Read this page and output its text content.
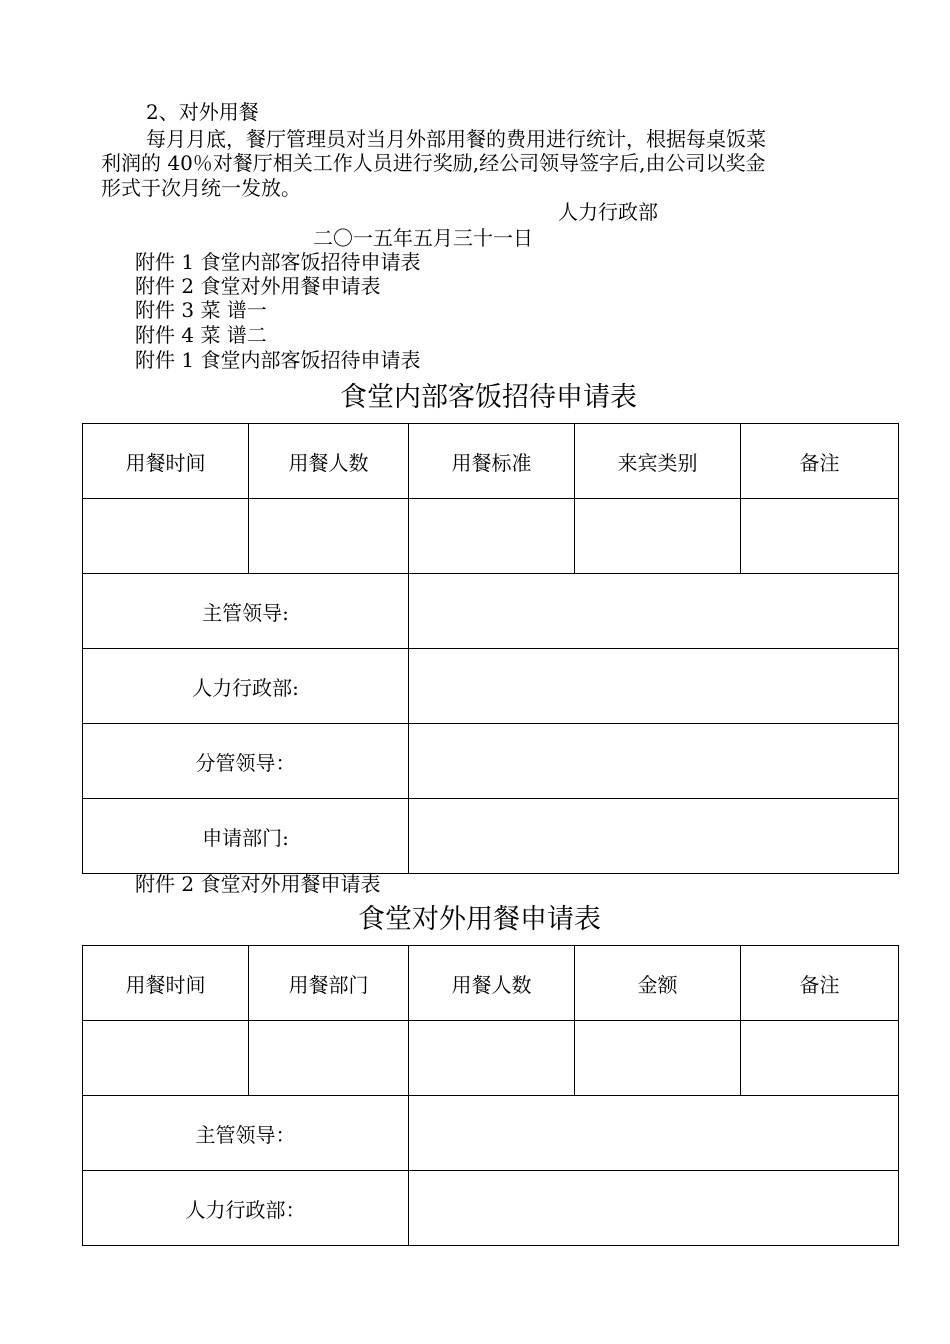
2、对外用餐
每月月底，餐厅管理员对当月外部用餐的费用进行统计，根据每桌饭菜
利润的 40％对餐厅相关工作人员进行奖励,经公司领导签字后,由公司以奖金
形式于次月统一发放。
人力行政部
二〇一五年五月三十一日
附件 1 食堂内部客饭招待申请表
附件 2 食堂对外用餐申请表
附件 3 菜 谱一
附件 4 菜 谱二
附件 1 食堂内部客饭招待申请表
食堂内部客饭招待申请表
用餐时间	用餐人数	用餐标准	来宾类别	备注

主管领导:				
人力行政部:				
分管领导：				
申请部门:				
附件 2 食堂对外用餐申请表
食堂对外用餐申请表
用餐时间	用餐部门	用餐人数	金额	备注

主管领导：				
人力行政部：				
